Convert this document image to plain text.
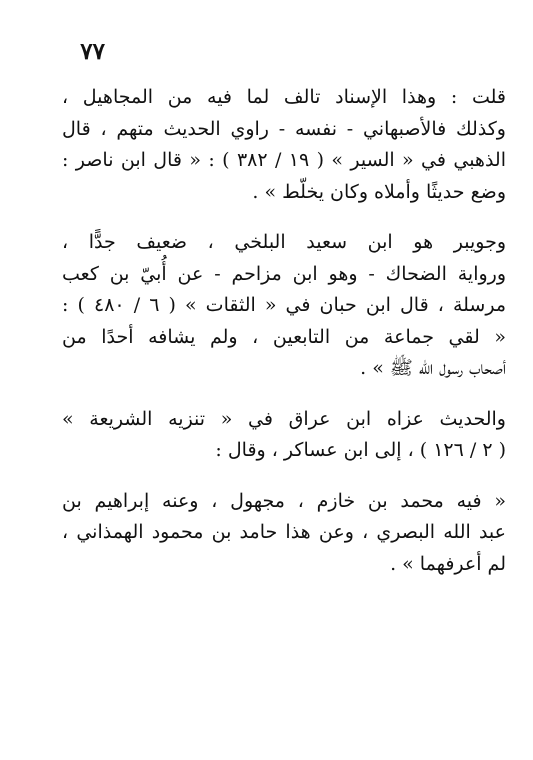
٧٧
قلت : وهذا الإسناد تالف لما فيه من المجاهيل ،
وكذلك فالأصبهاني - نفسه - راوي الحديث متهم ، قال
الذهبي في « السير » ( ١٩ / ٣٨٢ ) : « قال ابن ناصر :
وضع حديثًا وأملاه وكان يخلّط » .
وجويبر هو ابن سعيد البلخي ، ضعيف جدًّا ،
ورواية الضحاك - وهو ابن مزاحم - عن أُبيّ بن كعب
مرسلة ، قال ابن حبان في « الثقات » ( ٦ / ٤٨٠ ) :
« لقي جماعة من التابعين ، ولم يشافه أحدًا من
أصحاب رسول الله ﷺ » .
والحديث عزاه ابن عراق في « تنزيه الشريعة »
( ٢ / ١٢٦ ) ، إلى ابن عساكر ، وقال :
« فيه محمد بن خازم ، مجهول ، وعنه إبراهيم بن
عبد الله البصري ، وعن هذا حامد بن محمود الهمذاني ،
لم أعرفهما » .
